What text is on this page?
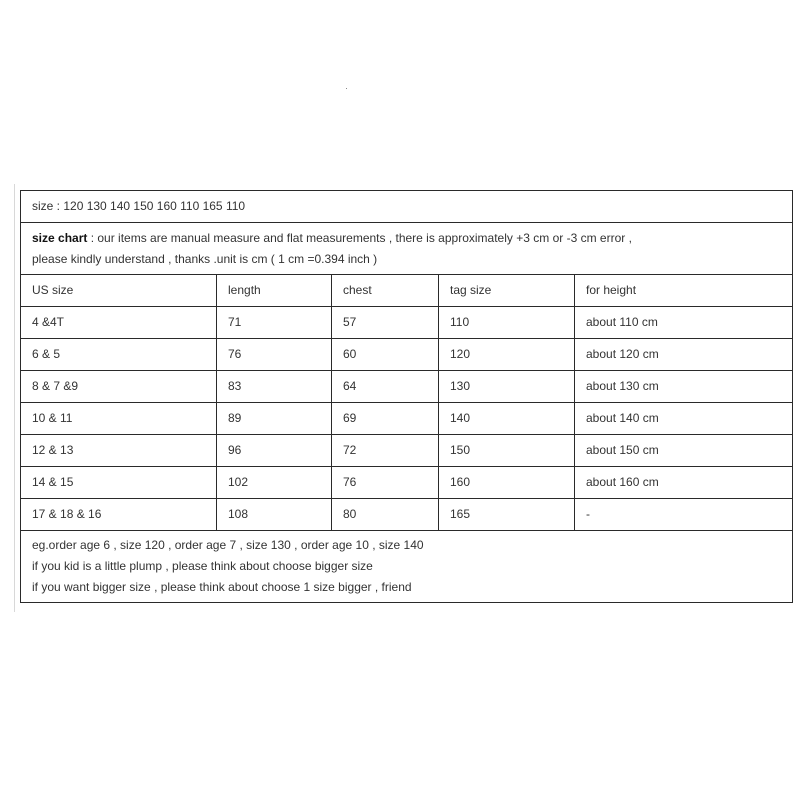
size : 120 130 140 150 160 110 165 110				

size chart : our items are manual measure and flat measurements , there is approximately +3 cm or -3 cm error ,
please kindly understand , thanks .unit is cm ( 1 cm =0.394 inch )				

US size	length	chest	tag size	for height
4 &4T	71	57	110	about 110 cm
6 & 5	76	60	120	about 120 cm
8 & 7 &9	83	64	130	about 130 cm
10 & 11	89	69	140	about 140 cm
12 & 13	96	72	150	about 150 cm
14 & 15	102	76	160	about 160 cm
17 & 18 & 16	108	80	165	-

eg.order age 6 , size 120 , order age 7 , size 130 , order age 10 , size 140
if you kid is a little plump , please think about choose bigger size
if you want bigger size , please think about choose 1 size bigger , friend				
